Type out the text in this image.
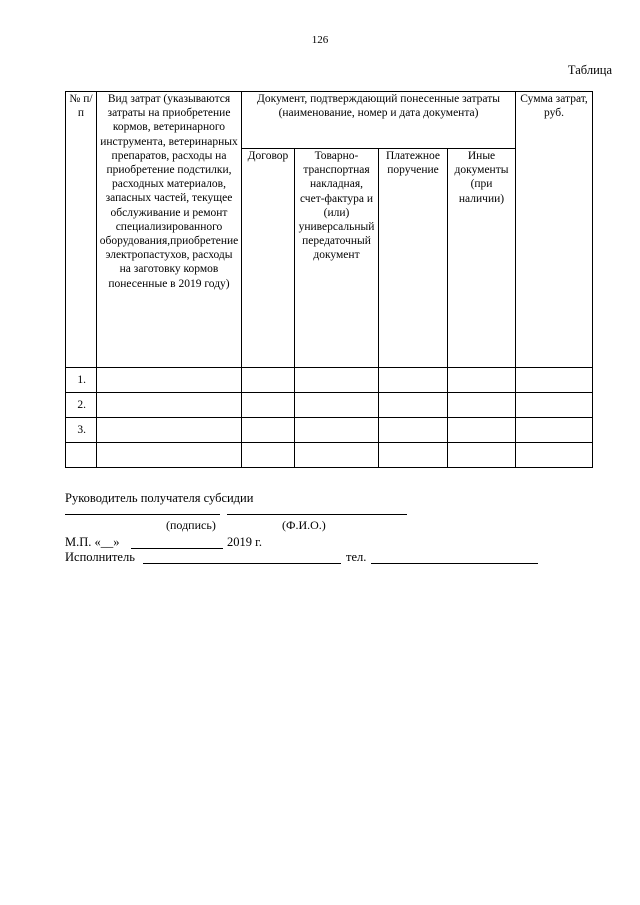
126
Таблица
№ п/п	Вид затрат (указываются затраты на приобретение кормов, ветеринарного инструмента, ветеринарных препаратов, расходы на приобретение подстилки, расходных материалов, запасных частей, текущее обслуживание и ремонт специализированного оборудования,приобретение электропастухов, расходы на заготовку кормов понесенные в 2019 году)	Документ, подтверждающий понесенные затраты (наименование, номер и дата документа)				Сумма затрат, руб.
		Договор	Товарно-транспортная накладная, счет-фактура и (или) универсальный передаточный документ	Платежное поручение	Иные документы (при наличии)	
1.						
2.						
3.						

Руководитель получателя субсидии
(подпись)	(Ф.И.О.)
М.П. «__»	2019 г.
Исполнитель	тел.
